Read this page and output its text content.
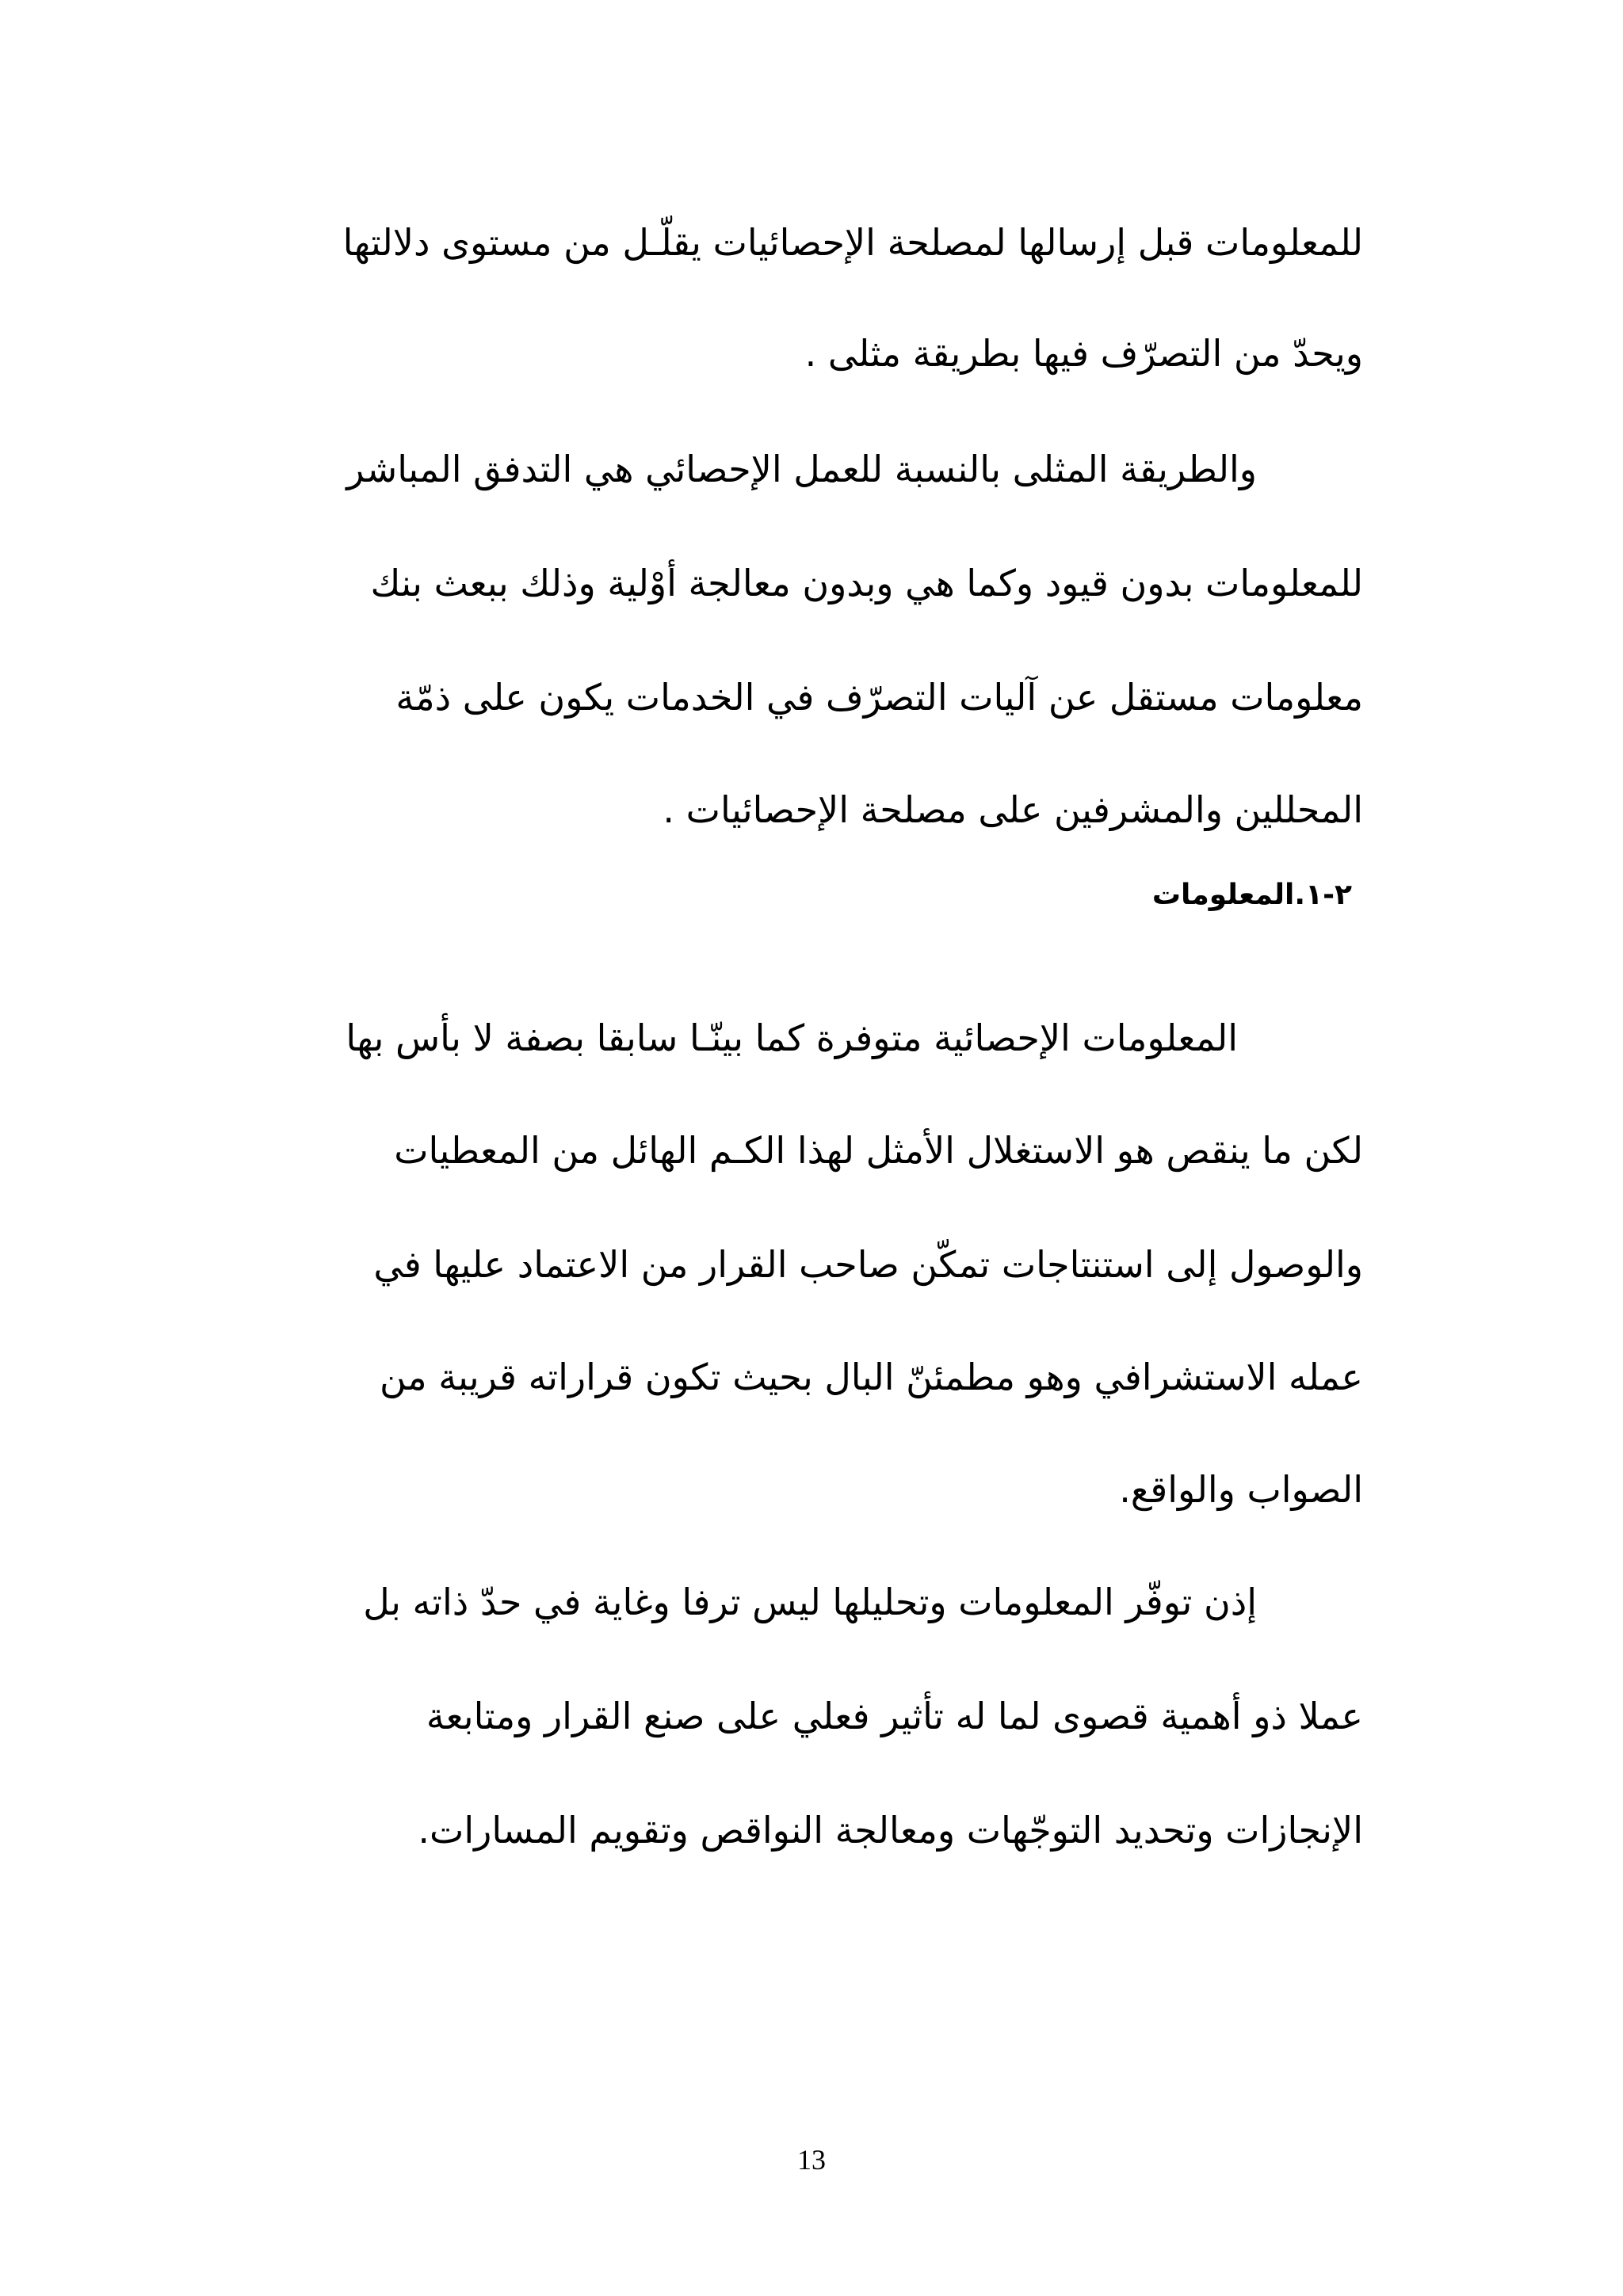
للمعلومات قبل إرسالها لمصلحة الإحصائيات يقلّـل من مستوى دلالتها
ويحدّ من التصرّف فيها بطريقة مثلى .
والطريقة المثلى بالنسبة للعمل الإحصائي هي التدفق المباشر
للمعلومات بدون قيود وكما هي وبدون معالجة أوْلية وذلك ببعث بنك
معلومات مستقل عن آليات التصرّف في الخدمات يكون على ذمّة
المحللين والمشرفين على مصلحة الإحصائيات .
٢-١.المعلومات
المعلومات الإحصائية متوفرة كما بينّـا سابقا بصفة لا بأس بها
لكن ما ينقص هو الاستغلال الأمثل لهذا الكـم الهائل من المعطيات
والوصول إلى استنتاجات تمكّن صاحب القرار من الاعتماد عليها في
عمله الاستشرافي وهو مطمئنّ البال بحيث تكون قراراته قريبة من
الصواب والواقع.
إذن توفّر المعلومات وتحليلها ليس ترفا وغاية في حدّ ذاته بل
عملا ذو أهمية قصوى لما له تأثير فعلي على صنع القرار ومتابعة
الإنجازات وتحديد التوجّهات ومعالجة النواقص وتقويم المسارات.
13
